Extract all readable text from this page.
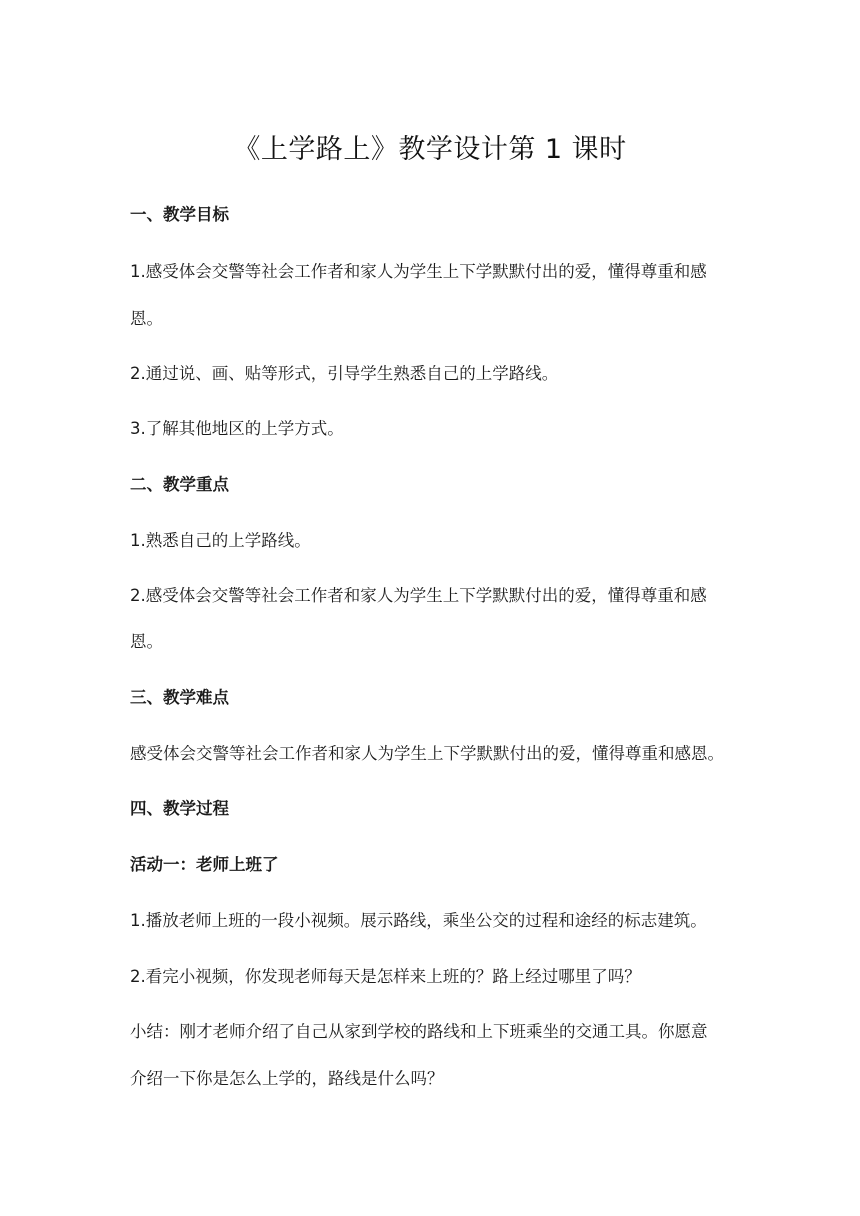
《上学路上》教学设计第 1 课时
一、教学目标
1.感受体会交警等社会工作者和家人为学生上下学默默付出的爱，懂得尊重和感
恩。
2.通过说、画、贴等形式，引导学生熟悉自己的上学路线。
3.了解其他地区的上学方式。
二、教学重点
1.熟悉自己的上学路线。
2.感受体会交警等社会工作者和家人为学生上下学默默付出的爱，懂得尊重和感
恩。
三、教学难点
感受体会交警等社会工作者和家人为学生上下学默默付出的爱，懂得尊重和感恩。
四、教学过程
活动一：老师上班了
1.播放老师上班的一段小视频。展示路线，乘坐公交的过程和途经的标志建筑。
2.看完小视频，你发现老师每天是怎样来上班的？路上经过哪里了吗？
小结：刚才老师介绍了自己从家到学校的路线和上下班乘坐的交通工具。你愿意
介绍一下你是怎么上学的，路线是什么吗？
